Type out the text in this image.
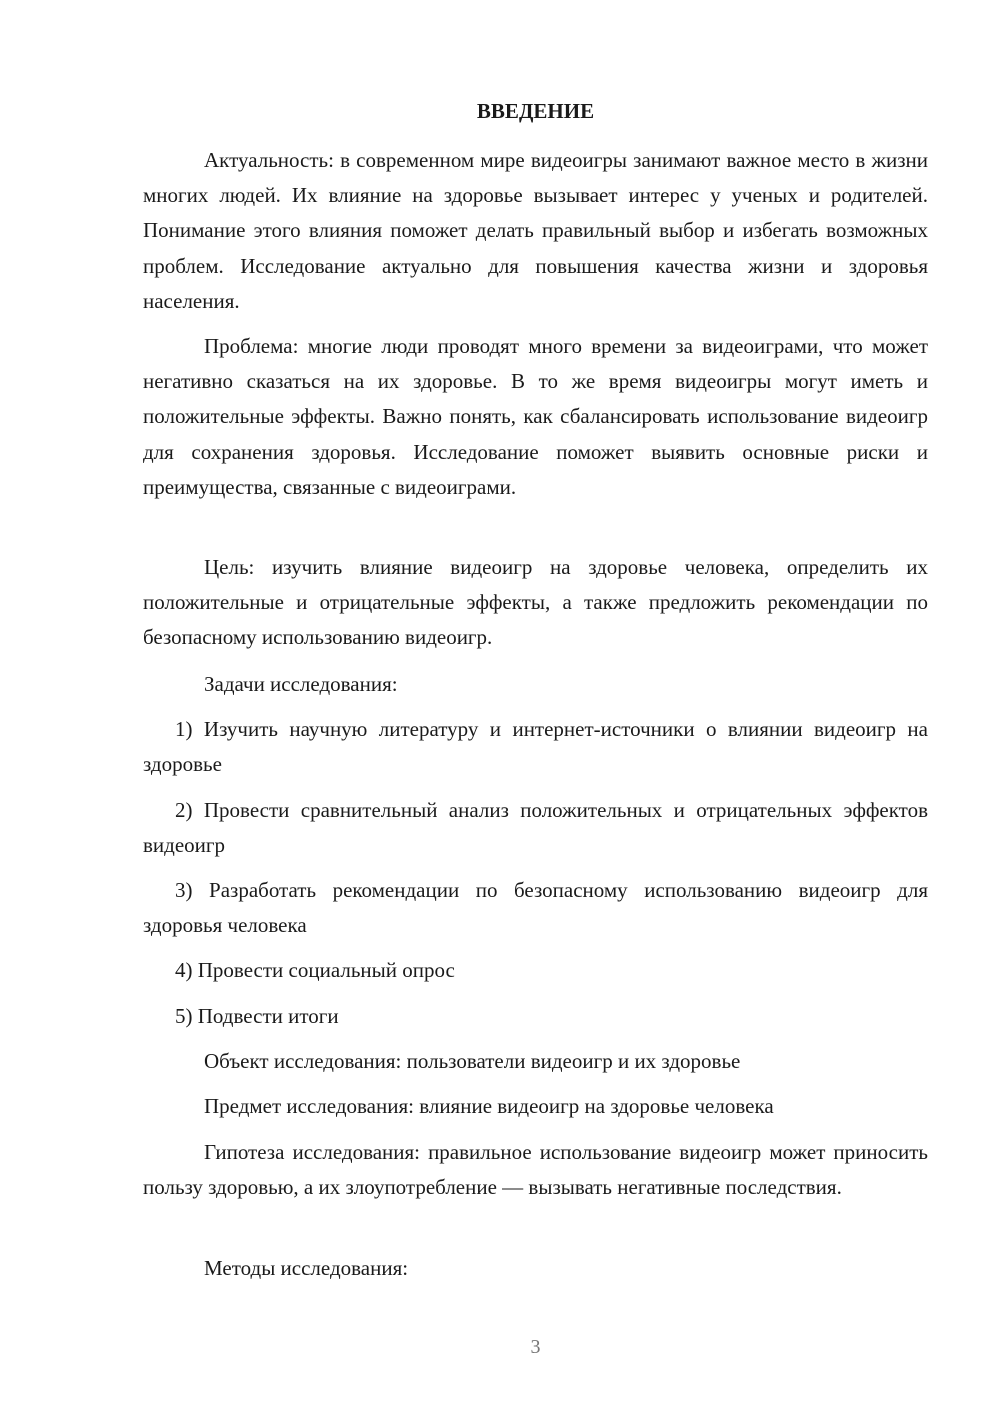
ВВЕДЕНИЕ

Актуальность: в современном мире видеоигры занимают важное место в жизни многих людей. Их влияние на здоровье вызывает интерес у ученых и родителей. Понимание этого влияния поможет делать правильный выбор и избегать возможных проблем. Исследование актуально для повышения качества жизни и здоровья населения.

Проблема: многие люди проводят много времени за видеоиграми, что может негативно сказаться на их здоровье. В то же время видеоигры могут иметь и положительные эффекты. Важно понять, как сбалансировать использование видеоигр для сохранения здоровья. Исследование поможет выявить основные риски и преимущества, связанные с видеоиграми.

Цель: изучить влияние видеоигр на здоровье человека, определить их положительные и отрицательные эффекты, а также предложить рекомендации по безопасному использованию видеоигр.

Задачи исследования:

1) Изучить научную литературу и интернет-источники о влиянии видеоигр на здоровье

2) Провести сравнительный анализ положительных и отрицательных эффектов видеоигр

3) Разработать рекомендации по безопасному использованию видеоигр для здоровья человека

4) Провести социальный опрос

5) Подвести итоги

Объект исследования: пользователи видеоигр и их здоровье

Предмет исследования: влияние видеоигр на здоровье человека

Гипотеза исследования: правильное использование видеоигр может приносить пользу здоровью, а их злоупотребление — вызывать негативные последствия.

Методы исследования:

3
